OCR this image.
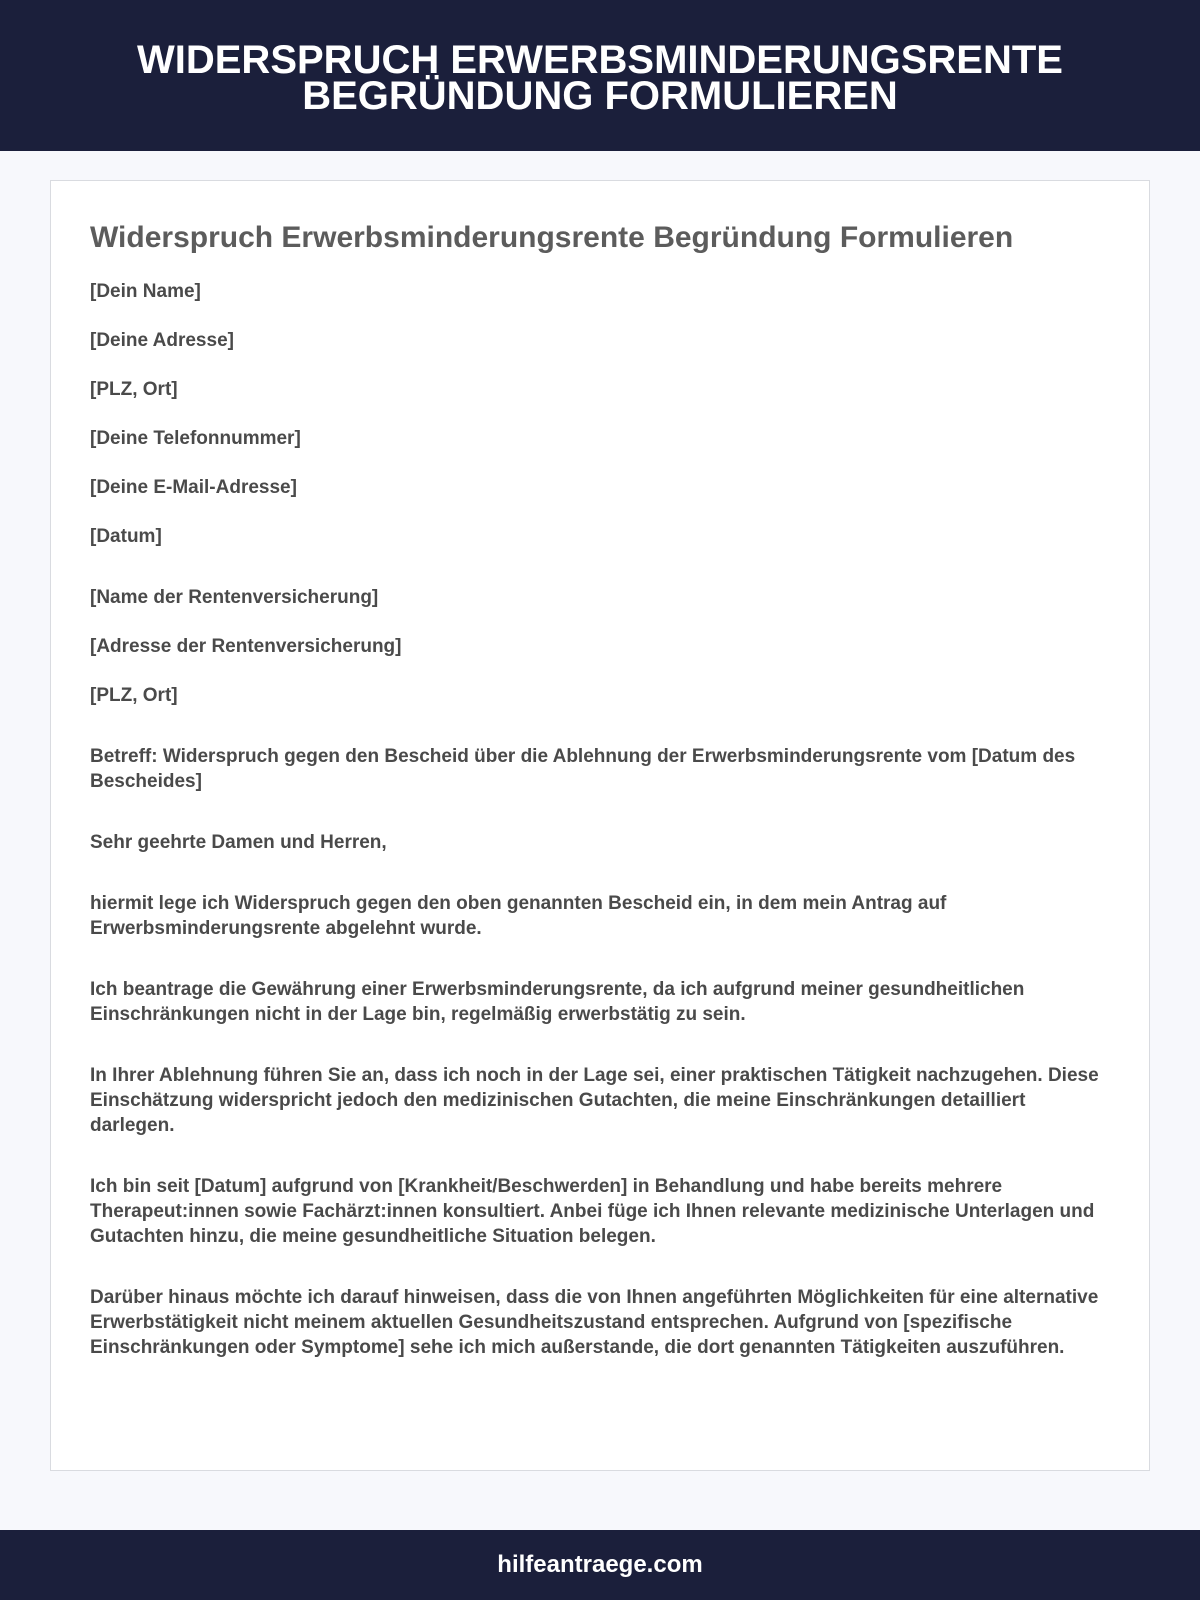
WIDERSPRUCH ERWERBSMINDERUNGSRENTE BEGRÜNDUNG FORMULIEREN
Widerspruch Erwerbsminderungsrente Begründung Formulieren

[Dein Name]

[Deine Adresse]

[PLZ, Ort]

[Deine Telefonnummer]

[Deine E-Mail-Adresse]

[Datum]

[Name der Rentenversicherung]

[Adresse der Rentenversicherung]

[PLZ, Ort]

Betreff: Widerspruch gegen den Bescheid über die Ablehnung der Erwerbsminderungsrente vom [Datum des Bescheides]

Sehr geehrte Damen und Herren,

hiermit lege ich Widerspruch gegen den oben genannten Bescheid ein, in dem mein Antrag auf Erwerbsminderungsrente abgelehnt wurde.

Ich beantrage die Gewährung einer Erwerbsminderungsrente, da ich aufgrund meiner gesundheitlichen Einschränkungen nicht in der Lage bin, regelmäßig erwerbstätig zu sein.

In Ihrer Ablehnung führen Sie an, dass ich noch in der Lage sei, einer praktischen Tätigkeit nachzugehen. Diese Einschätzung widerspricht jedoch den medizinischen Gutachten, die meine Einschränkungen detailliert darlegen.

Ich bin seit [Datum] aufgrund von [Krankheit/Beschwerden] in Behandlung und habe bereits mehrere Therapeut:innen sowie Fachärzt:innen konsultiert. Anbei füge ich Ihnen relevante medizinische Unterlagen und Gutachten hinzu, die meine gesundheitliche Situation belegen.

Darüber hinaus möchte ich darauf hinweisen, dass die von Ihnen angeführten Möglichkeiten für eine alternative Erwerbstätigkeit nicht meinem aktuellen Gesundheitszustand entsprechen. Aufgrund von [spezifische Einschränkungen oder Symptome] sehe ich mich außerstande, die dort genannten Tätigkeiten auszuführen.

hilfeantraege.com
